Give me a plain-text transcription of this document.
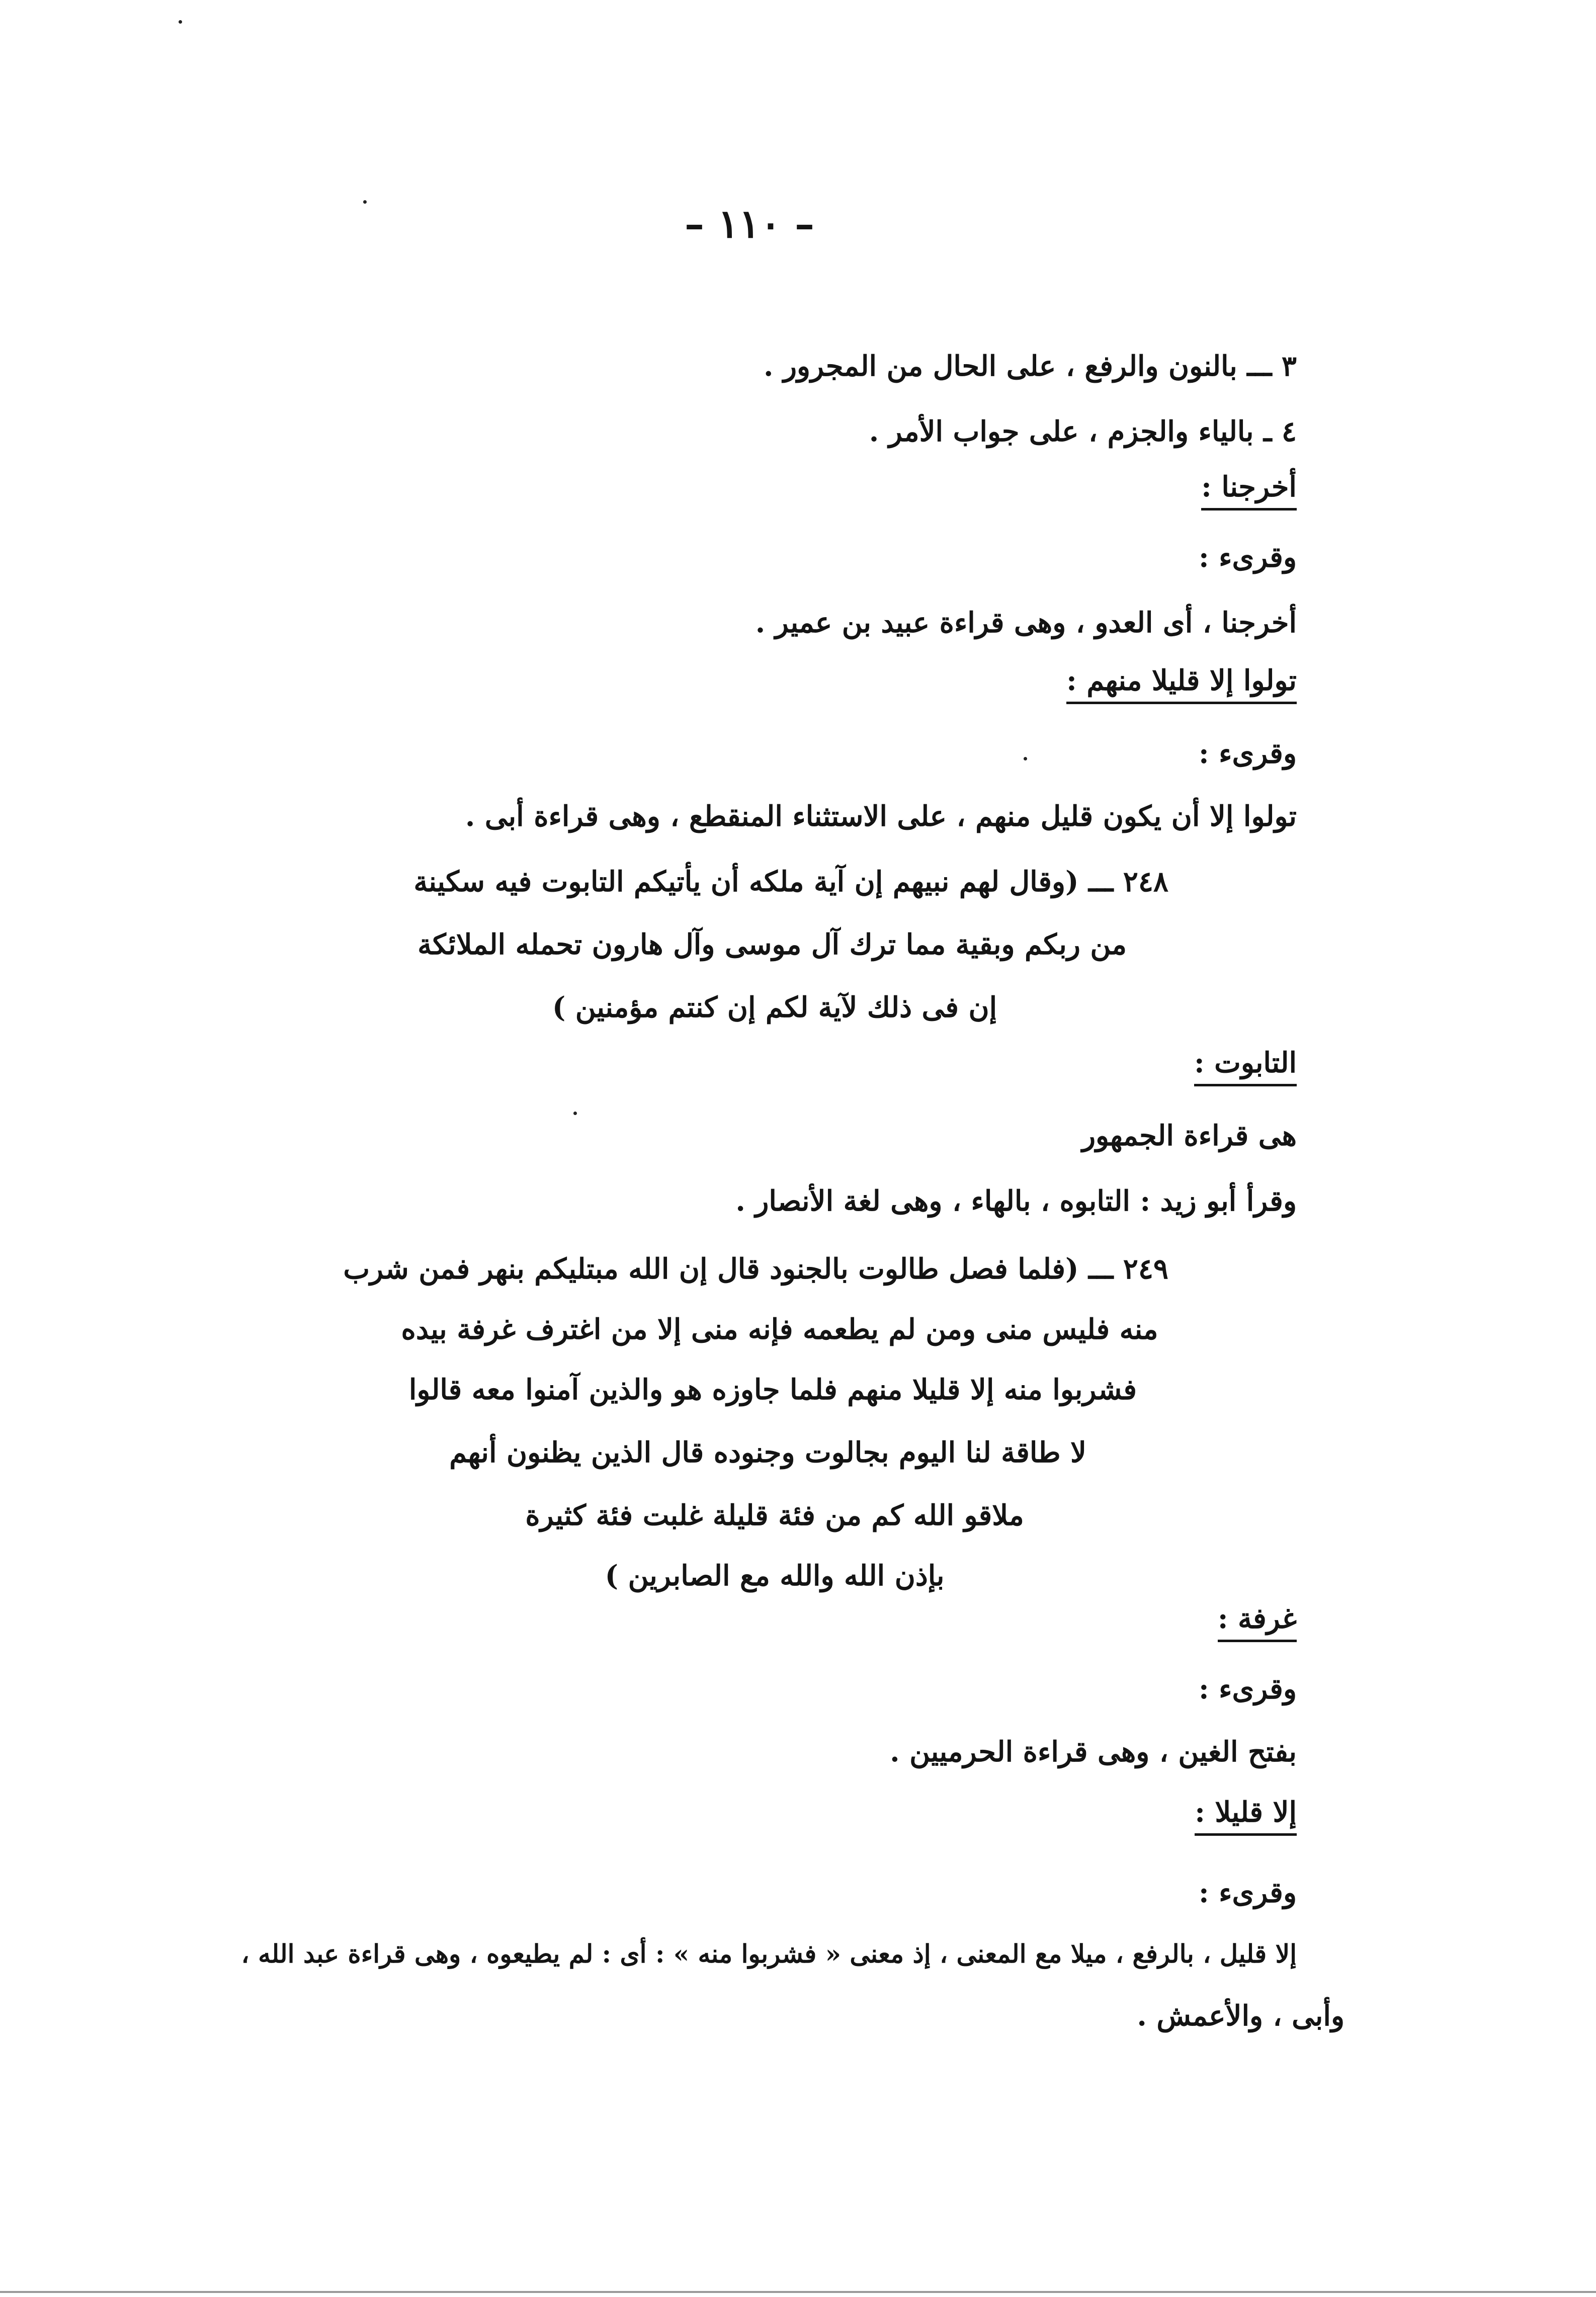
– ١١٠ –
٣ ـــ بالنون والرفع ، على الحال من المجرور .
٤ ـ بالياء والجزم ، على جواب الأمر .
أخرجنا :
وقرىء :
أخرجنا ، أى العدو ، وهى قراءة عبيد بن عمير .
تولوا إلا قليلا منهم :
وقرىء :
تولوا إلا أن يكون قليل منهم ، على الاستثناء المنقطع ، وهى قراءة أبى .
٢٤٨ ـــ (وقال لهم نبيهم إن آية ملكه أن يأتيكم التابوت فيه سكينة
من ربكم وبقية مما ترك آل موسى وآل هارون تحمله الملائكة
إن فى ذلك لآية لكم إن كنتم مؤمنين )
التابوت :
هى قراءة الجمهور
وقرأ أبو زيد : التابوه ، بالهاء ، وهى لغة الأنصار .
٢٤٩ ـــ (فلما فصل طالوت بالجنود قال إن الله مبتليكم بنهر فمن شرب
منه فليس منى ومن لم يطعمه فإنه منى إلا من اغترف غرفة بيده
فشربوا منه إلا قليلا منهم فلما جاوزه هو والذين آمنوا معه قالوا
لا طاقة لنا اليوم بجالوت وجنوده قال الذين يظنون أنهم
ملاقو الله كم من فئة قليلة غلبت فئة كثيرة
بإذن الله والله مع الصابرين )
غرفة :
وقرىء :
بفتح الغين ، وهى قراءة الحرميين .
إلا قليلا :
وقرىء :
إلا قليل ، بالرفع ، ميلا مع المعنى ، إذ معنى « فشربوا منه » : أى : لم يطيعوه ، وهى قراءة عبد الله ،
وأبى ، والأعمش .
